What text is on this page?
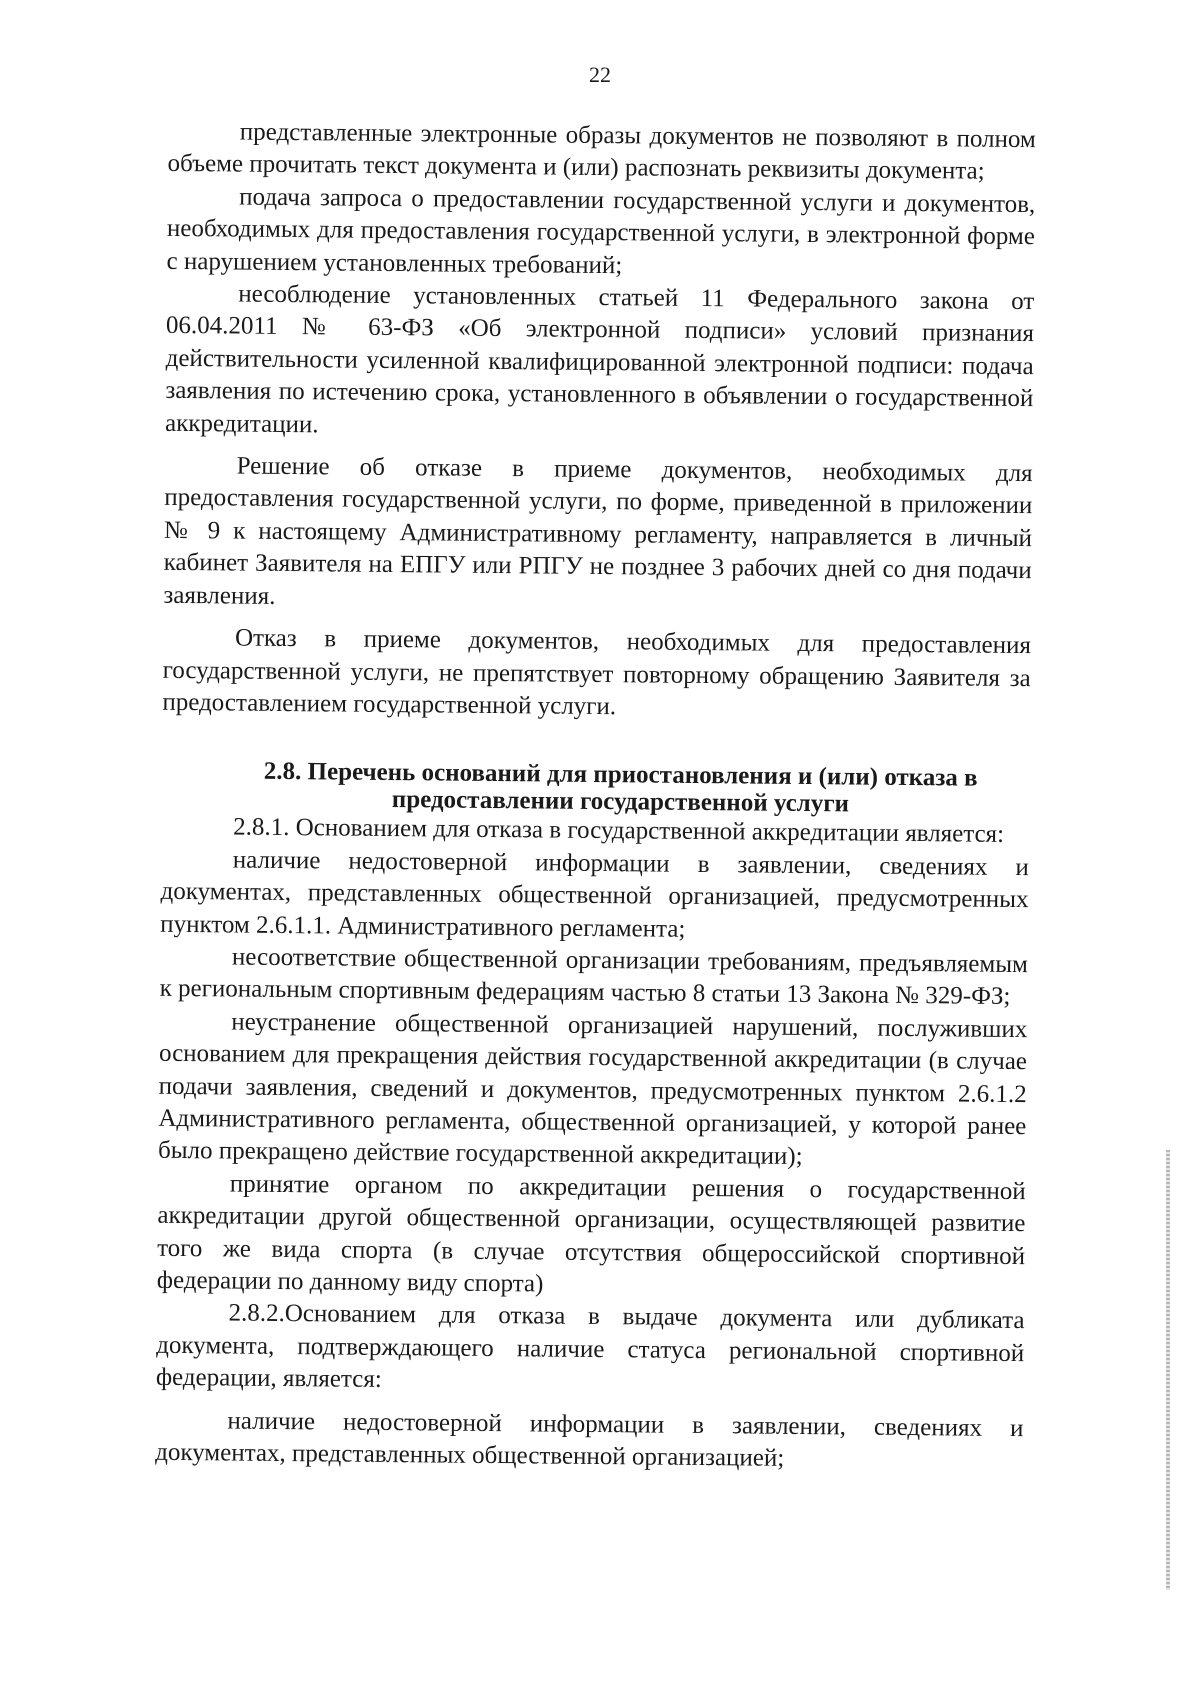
22

представленные электронные образы документов не позволяют в полном объеме прочитать текст документа и (или) распознать реквизиты документа;

подача запроса о предоставлении государственной услуги и документов, необходимых для предоставления государственной услуги, в электронной форме с нарушением установленных требований;

несоблюдение установленных статьей 11 Федерального закона от 06.04.2011 № 63-ФЗ «Об электронной подписи» условий признания действительности усиленной квалифицированной электронной подписи: подача заявления по истечению срока, установленного в объявлении о государственной аккредитации.

Решение об отказе в приеме документов, необходимых для предоставления государственной услуги, по форме, приведенной в приложении № 9 к настоящему Административному регламенту, направляется в личный кабинет Заявителя на ЕПГУ или РПГУ не позднее 3 рабочих дней со дня подачи заявления.

Отказ в приеме документов, необходимых для предоставления государственной услуги, не препятствует повторному обращению Заявителя за предоставлением государственной услуги.

2.8. Перечень оснований для приостановления и (или) отказа в предоставлении государственной услуги

2.8.1. Основанием для отказа в государственной аккредитации является:

наличие недостоверной информации в заявлении, сведениях и документах, представленных общественной организацией, предусмотренных пунктом 2.6.1.1. Административного регламента;

несоответствие общественной организации требованиям, предъявляемым к региональным спортивным федерациям частью 8 статьи 13 Закона № 329-ФЗ;

неустранение общественной организацией нарушений, послуживших основанием для прекращения действия государственной аккредитации (в случае подачи заявления, сведений и документов, предусмотренных пунктом 2.6.1.2 Административного регламента, общественной организацией, у которой ранее было прекращено действие государственной аккредитации);

принятие органом по аккредитации решения о государственной аккредитации другой общественной организации, осуществляющей развитие того же вида спорта (в случае отсутствия общероссийской спортивной федерации по данному виду спорта)

2.8.2.Основанием для отказа в выдаче документа или дубликата документа, подтверждающего наличие статуса региональной спортивной федерации, является:

наличие недостоверной информации в заявлении, сведениях и документах, представленных общественной организацией;
